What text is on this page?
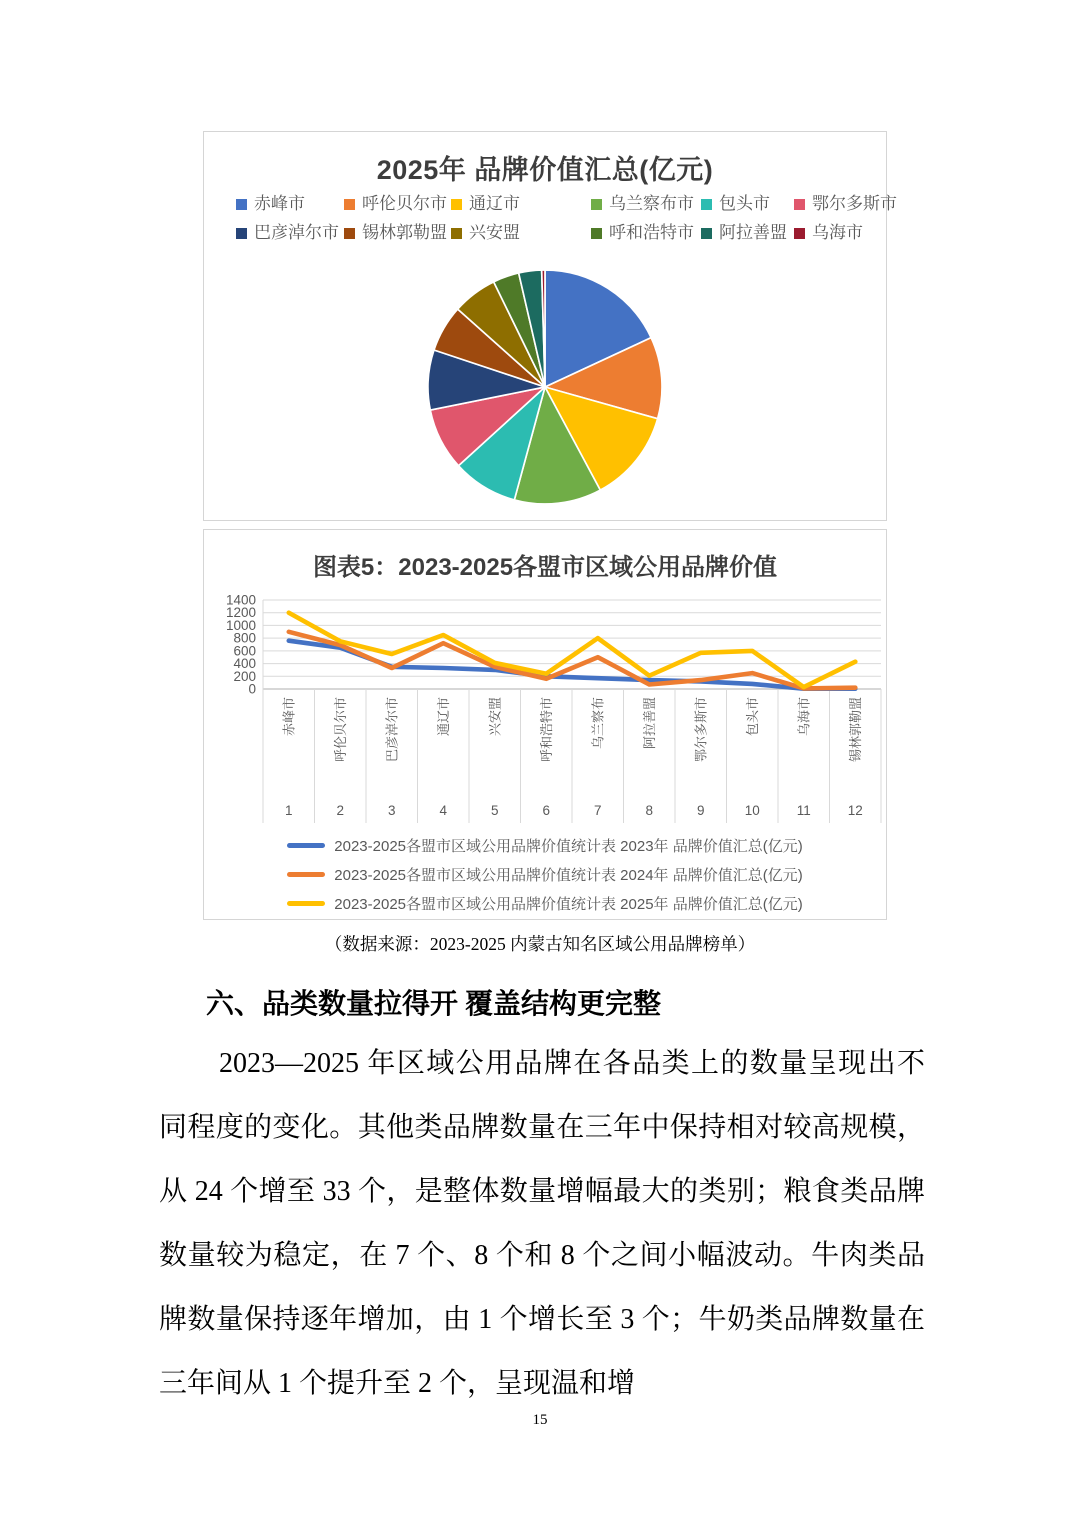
2025年 品牌价值汇总(亿元)
赤峰市	呼伦贝尔市 通辽市	乌兰察布市 包头市 鄂尔多斯市
巴彦淖尔市 锡林郭勒盟 兴安盟	呼和浩特市 阿拉善盟 乌海市
图表5：2023-2025各盟市区域公用品牌价值
1400
1200
1000
800
600
400
200
0
赤峰市
1
呼伦贝尔市
2
巴彦淖尔市
3
通辽市
4
兴安盟
5
呼和浩特市
6
乌兰察布
7
阿拉善盟
8
鄂尔多斯市
9
包头市
10
乌海市
11
锡林郭勒盟
12
2023-2025各盟市区域公用品牌价值统计表 2023年 品牌价值汇总(亿元)
2023-2025各盟市区域公用品牌价值统计表 2024年 品牌价值汇总(亿元)
2023-2025各盟市区域公用品牌价值统计表 2025年 品牌价值汇总(亿元)

（数据来源：2023-2025 内蒙古知名区域公用品牌榜单）

六、品类数量拉得开 覆盖结构更完整

2023—2025 年区域公用品牌在各品类上的数量呈现出不同程度的变化。其他类品牌数量在三年中保持相对较高规模，从 24 个增至 33 个，是整体数量增幅最大的类别；粮食类品牌数量较为稳定，在 7 个、8 个和 8 个之间小幅波动。牛肉类品牌数量保持逐年增加，由 1 个增长至 3 个；牛奶类品牌数量在三年间从 1 个提升至 2 个，呈现温和增

15
